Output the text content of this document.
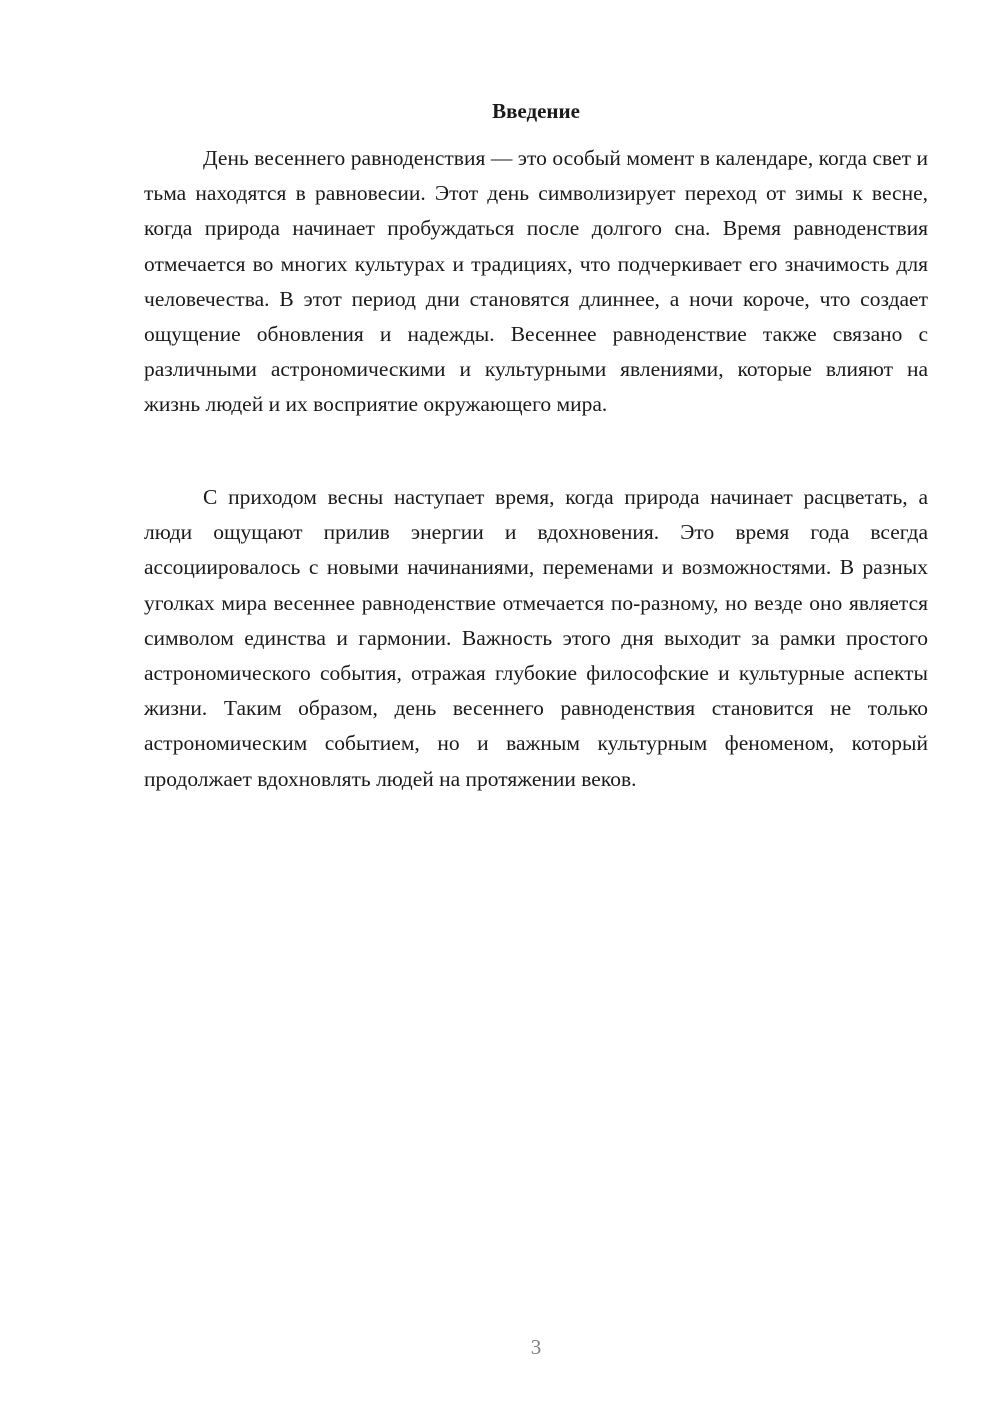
Введение

День весеннего равноденствия — это особый момент в календаре, когда свет и тьма находятся в равновесии. Этот день символизирует переход от зимы к весне, когда природа начинает пробуждаться после долгого сна. Время равноденствия отмечается во многих культурах и традициях, что подчеркивает его значимость для человечества. В этот период дни становятся длиннее, а ночи короче, что создает ощущение обновления и надежды. Весеннее равноденствие также связано с различными астрономическими и культурными явлениями, которые влияют на жизнь людей и их восприятие окружающего мира.

С приходом весны наступает время, когда природа начинает расцветать, а люди ощущают прилив энергии и вдохновения. Это время года всегда ассоциировалось с новыми начинаниями, переменами и возможностями. В разных уголках мира весеннее равноденствие отмечается по-разному, но везде оно является символом единства и гармонии. Важность этого дня выходит за рамки простого астрономического события, отражая глубокие философские и культурные аспекты жизни. Таким образом, день весеннего равноденствия становится не только астрономическим событием, но и важным культурным феноменом, который продолжает вдохновлять людей на протяжении веков.

3
